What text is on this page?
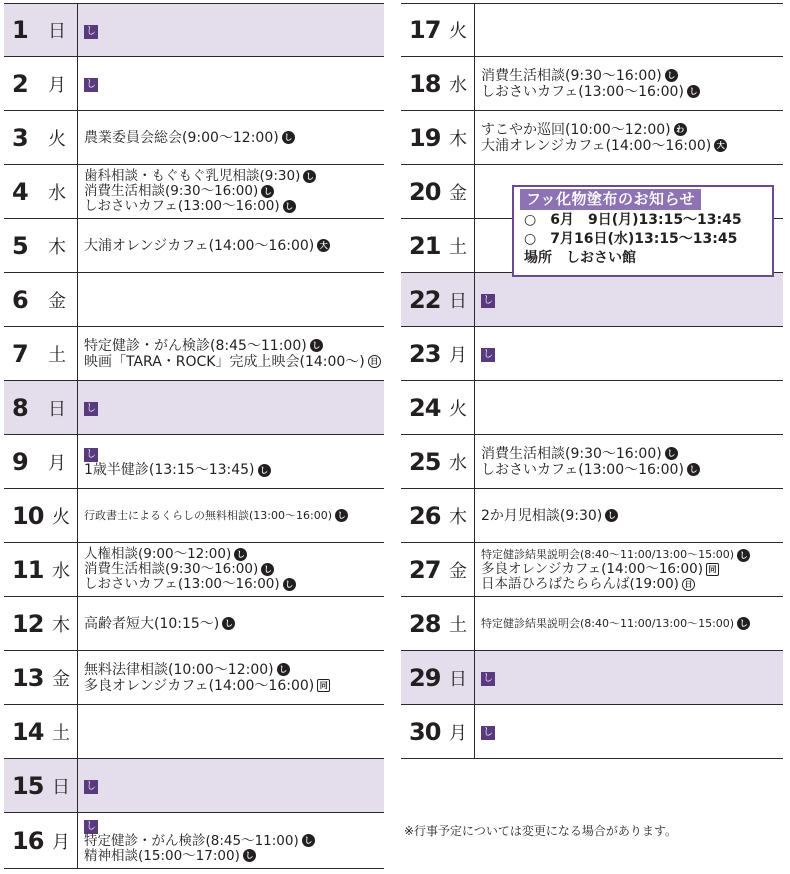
1	日 し
2	月 し
3	火 農業委員会総会(9:00～12:00) し
4	水
歯科相談・もぐもぐ乳児相談(9:30) し
消費生活相談(9:30～16:00) し
しおさいカフェ(13:00～16:00) し
5	木 大浦オレンジカフェ(14:00～16:00) 大
6	金
7	土 特定健診・がん検診(8:45～11:00) し
映画「TARA・ROCK」完成上映会(14:00～) 日
8	日 し
9	月 し
1歳半健診(13:15～13:45) し
10 火 行政書士によるくらしの無料相談(13:00～16:00) し
11 水
人権相談(9:00～12:00) し
消費生活相談(9:30～16:00) し
しおさいカフェ(13:00～16:00) し
12 木 高齢者短大(10:15～) し
13 金 無料法律相談(10:00～12:00) し
多良オレンジカフェ(14:00～16:00) 同
14 土
15 日 し
16 月
し
特定健診・がん検診(8:45～11:00) し
精神相談(15:00～17:00) し
17 火
18 水 消費生活相談(9:30～16:00) し
しおさいカフェ(13:00～16:00) し
19 木 すこやか巡回(10:00～12:00) わ
大浦オレンジカフェ(14:00～16:00) 大
20 金
21 土
22 日 し
23 月 し
24 火
25 水 消費生活相談(9:30～16:00) し
しおさいカフェ(13:00～16:00) し
26 木 2か月児相談(9:30) し
27 金
特定健診結果説明会(8:40～11:00/13:00～15:00) し
多良オレンジカフェ(14:00～16:00) 同
日本語ひろばたららんば(19:00) 日
28 土 特定健診結果説明会(8:40～11:00/13:00～15:00) し
29 日 し
30 月 し
フッ化物塗布のお知らせ
○　6月　9日(月)13:15～13:45
○　7月16日(水)13:15～13:45
場所　しおさい館
※行事予定については変更になる場合があります。
